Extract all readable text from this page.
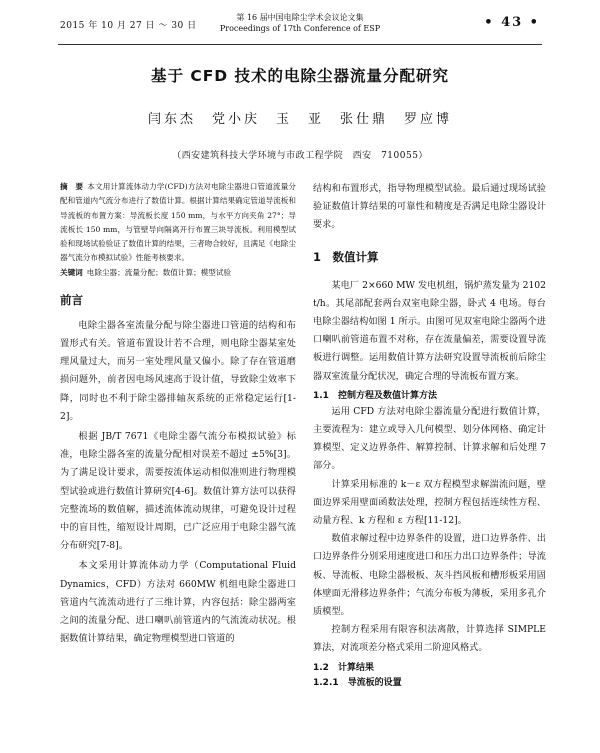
2015 年 10 月 27 日 ～ 30 日
第 16 届中国电除尘学术会议论文集
Proceedings of 17th Conference of ESP	• 43 •
基于 CFD 技术的电除尘器流量分配研究
闫东杰　党小庆　玉　亚　张仕鼎　罗应博
（西安建筑科技大学环境与市政工程学院　西安　710055）
摘　要 本文用计算流体动力学(CFD)方法对电除尘器进口管道流量分配和管道内气流分布进行了数值计算。根据计算结果确定管道导流板和导流板的布置方案：导流板长度 150 mm，与水平方向夹角 27°；导流板长 150 mm，与管壁导向隔离开行布置三块导流板。利用模型试验和现场试验验证了数值计算的结果，三者吻合较好，且满足《电除尘器气流分布模拟试验》性能考核要求。
关键词 电除尘器；流量分配；数值计算；模型试验
前言

电除尘器各室流量分配与除尘器进口管道的结构和布置形式有关。管道布置设计若不合理，则电除尘器某室处理风量过大，而另一室处理风量又偏小。除了存在管道磨损问题外，前者因电场风速高于设计值，导致除尘效率下降，同时也不利于除尘器排轴灰系统的正常稳定运行[1-2]。

根据 JB/T 7671《电除尘器气流分布模拟试验》标准，电除尘器各室的流量分配相对误差不超过 ±5%[3]。为了满足设计要求，需要按流体运动相似准则进行物理模型试验或进行数值计算研究[4-6]。数值计算方法可以获得完整流场的数值解，描述流体流动规律，可避免设计过程中的盲目性，缩短设计周期，已广泛应用于电除尘器气流分布研究[7-8]。

本文采用计算流体动力学（Computational Fluid Dynamics，CFD）方法对 660MW 机组电除尘器进口管道内气流流动进行了三维计算，内容包括：除尘器两室之间的流量分配、进口喇叭前管道内的气流流动状况。根据数值计算结果，确定物理模型进口管道的

结构和布置形式，指导物理模型试验。最后通过现场试验验证数值计算结果的可靠性和精度是否满足电除尘器设计要求。

1　数值计算

某电厂 2×660 MW 发电机组，锅炉蒸发量为 2102 t/h。其尾部配套两台双室电除尘器，卧式 4 电场。每台电除尘器结构如图 1 所示。由图可见双室电除尘器两个进口喇叭前管道布置不对称，存在流量偏差，需要设置导流板进行调整。运用数值计算方法研究设置导流板前后除尘器双室流量分配状况，确定合理的导流板布置方案。

1.1　控制方程及数值计算方法

运用 CFD 方法对电除尘器流量分配进行数值计算，主要流程为：建立或导入几何模型、划分体网格、确定计算模型、定义边界条件、解算控制、计算求解和后处理 7 部分。

计算采用标准的 k－ε 双方程模型求解湍流问题，壁面边界采用壁面函数法处理，控制方程包括连续性方程、动量方程、k 方程和 ε 方程[11-12]。

数值求解过程中边界条件的设置，进口边界条件、出口边界条件分别采用速度进口和压力出口边界条件；导流板、导流板、电除尘器极板、灰斗挡风板和槽形板采用固体壁面无滑移边界条件；气流分布板为薄板，采用多孔介质模型。

控制方程采用有限容积法离散，计算选择 SIMPLE 算法，对流项差分格式采用二阶迎风格式。

1.2　计算结果
1.2.1　导流板的设置
